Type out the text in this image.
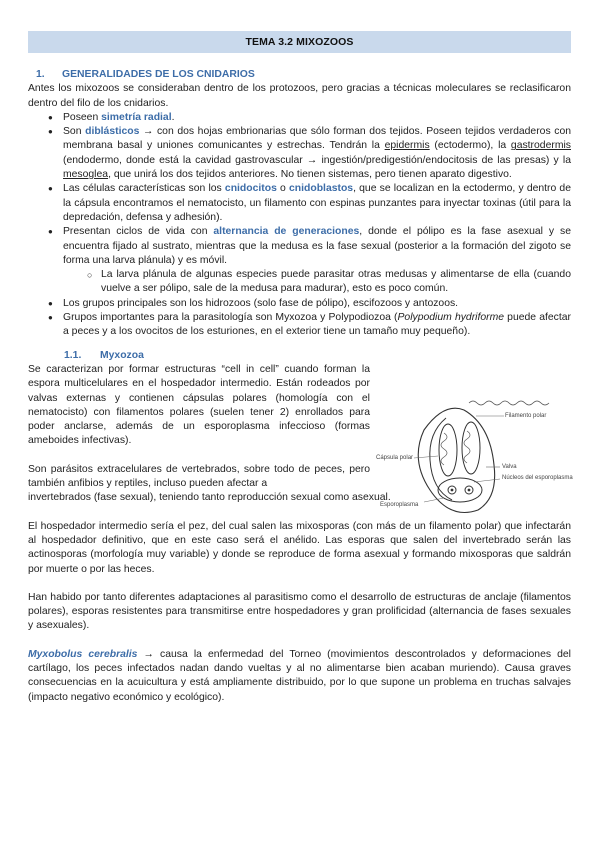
TEMA 3.2 MIXOZOOS
1. GENERALIDADES DE LOS CNIDARIOS

Antes los mixozoos se consideraban dentro de los protozoos, pero gracias a técnicas moleculares se reclasificaron dentro del filo de los cnidarios.

● Poseen simetría radial.
● Son diblásticos → con dos hojas embrionarias que sólo forman dos tejidos. Poseen tejidos verdaderos con membrana basal y uniones comunicantes y estrechas. Tendrán la epidermis (ectodermo), la gastrodermis (endodermo, donde está la cavidad gastrovascular → ingestión/predigestión/endocitosis de las presas) y la mesoglea, que unirá los dos tejidos anteriores. No tienen sistemas, pero tienen aparato digestivo.
● Las células características son los cnidocitos o cnidoblastos, que se localizan en la ectodermo, y dentro de la cápsula encontramos el nematocisto, un filamento con espinas punzantes para inyectar toxinas (útil para la depredación, defensa y adhesión).
● Presentan ciclos de vida con alternancia de generaciones, donde el pólipo es la fase asexual y se encuentra fijado al sustrato, mientras que la medusa es la fase sexual (posterior a la formación del zigoto se forma una larva plánula) y es móvil.
○ La larva plánula de algunas especies puede parasitar otras medusas y alimentarse de ella (cuando vuelve a ser pólipo, sale de la medusa para madurar), esto es poco común.
● Los grupos principales son los hidrozoos (solo fase de pólipo), escifozoos y antozoos.
● Grupos importantes para la parasitología son Myxozoa y Polypodiozoa (Polypodium hydriforme puede afectar a peces y a los ovocitos de los esturiones, en el exterior tiene un tamaño muy pequeño).
1.1. Myxozoa

Se caracterizan por formar estructuras “cell in cell” cuando forman la espora multicelulares en el hospedador intermedio. Están rodeados por valvas externas y contienen cápsulas polares (homología con el nematocisto) con filamentos polares (suelen tener 2) enrollados para poder anclarse, además de un esporoplasma infeccioso (formas ameboides infectivas).

Son parásitos extracelulares de vertebrados, sobre todo de peces, pero también anfibios y reptiles, incluso pueden afectar a

invertebrados (fase sexual), teniendo tanto reproducción sexual como asexual.

El hospedador intermedio sería el pez, del cual salen las mixosporas (con más de un filamento polar) que infectarán al hospedador definitivo, que en este caso será el anélido. Las esporas que salen del invertebrado serán las actinosporas (morfología muy variable) y donde se reproduce de forma asexual y formando mixosporas que saldrán por muerte o por las heces.

Han habido por tanto diferentes adaptaciones al parasitismo como el desarrollo de estructuras de anclaje (filamentos polares), esporas resistentes para transmitirse entre hospedadores y gran prolificidad (alternancia de fases sexuales y asexuales).

Myxobolus cerebralis → causa la enfermedad del Torneo (movimientos descontrolados y deformaciones del cartílago, los peces infectados nadan dando vueltas y al no alimentarse bien acaban muriendo). Causa graves consecuencias en la acuicultura y está ampliamente distribuido, por lo que supone un problema en truchas salvajes (impacto negativo económico y ecológico).

Filamento polar
Cápsula polar
Valva
Núcleos del esporoplasma
Esporoplasma
